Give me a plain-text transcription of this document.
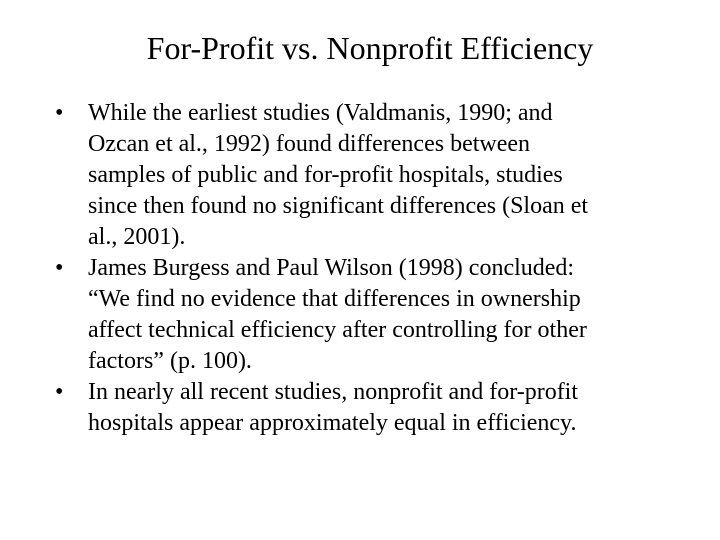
For-Profit vs. Nonprofit Efficiency
•	While the earliest studies (Valdmanis, 1990; and
Ozcan et al., 1992) found differences between
samples of public and for-profit hospitals, studies
since then found no significant differences (Sloan et
al., 2001).
•	James Burgess and Paul Wilson (1998) concluded:
“We find no evidence that differences in ownership
affect technical efficiency after controlling for other
factors” (p. 100).
•	In nearly all recent studies, nonprofit and for-profit
hospitals appear approximately equal in efficiency.
